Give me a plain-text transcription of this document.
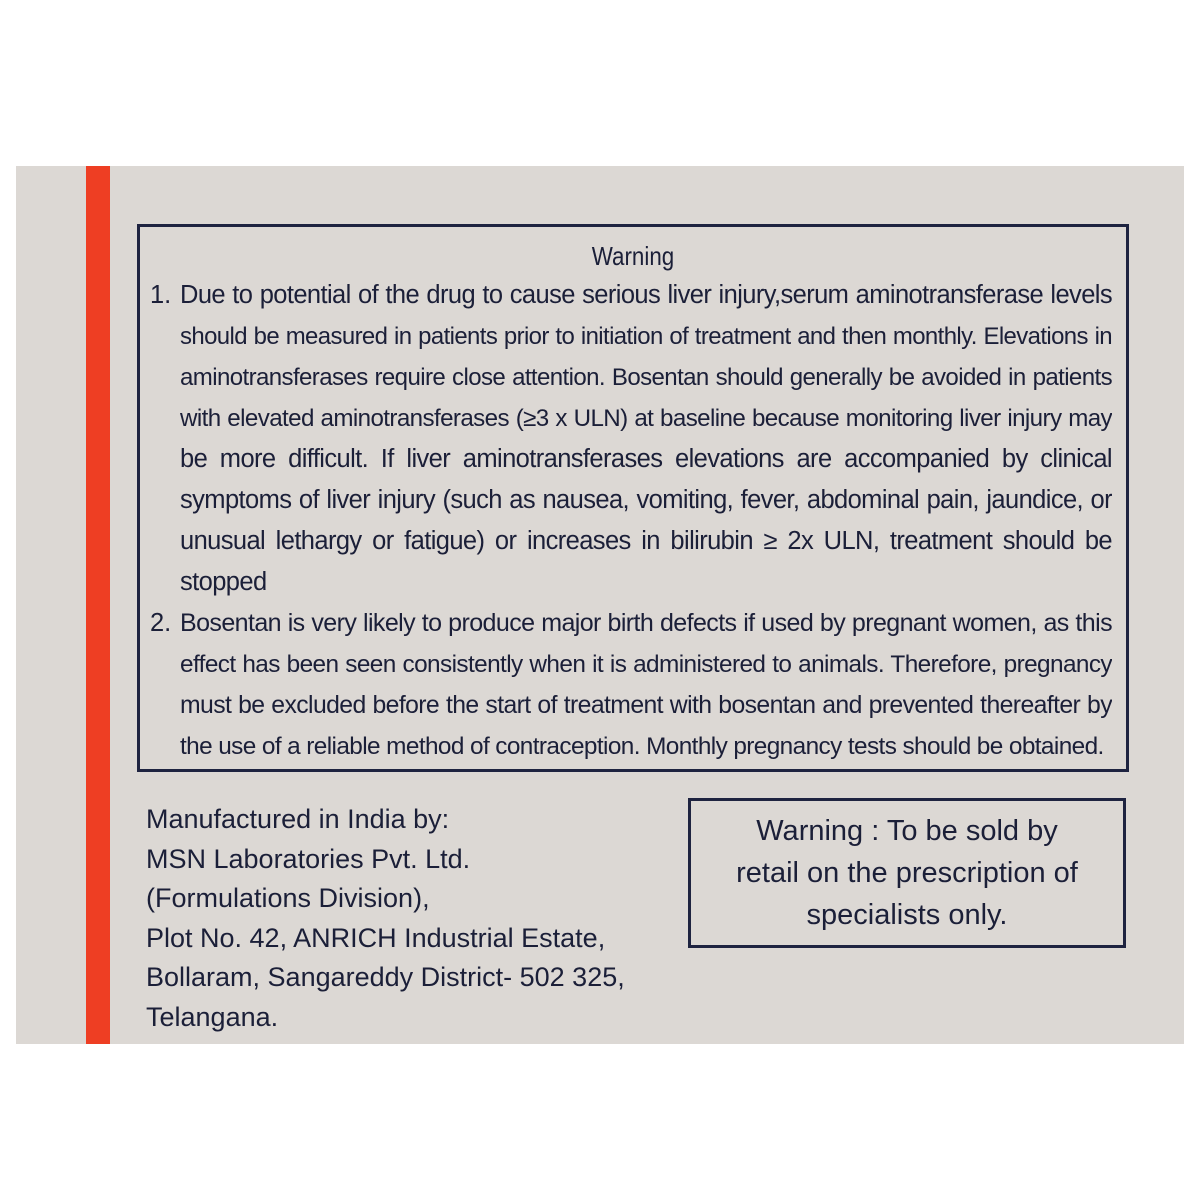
Warning
1. Due to potential of the drug to cause serious liver injury,serum aminotransferase levels
should be measured in patients prior to initiation of treatment and then monthly. Elevations in
aminotransferases require close attention. Bosentan should generally be avoided in patients
with elevated aminotransferases (≥3 x ULN) at baseline because monitoring liver injury may
be more difficult. If liver aminotransferases elevations are accompanied by clinical
symptoms of liver injury (such as nausea, vomiting, fever, abdominal pain, jaundice, or
unusual lethargy or fatigue) or increases in bilirubin ≥ 2x ULN, treatment should be
stopped
2. Bosentan is very likely to produce major birth defects if used by pregnant women, as this
effect has been seen consistently when it is administered to animals. Therefore, pregnancy
must be excluded before the start of treatment with bosentan and prevented thereafter by
the use of a reliable method of contraception. Monthly pregnancy tests should be obtained.
Manufactured in India by:
MSN Laboratories Pvt. Ltd.
(Formulations Division),
Plot No. 42, ANRICH Industrial Estate,
Bollaram, Sangareddy District- 502 325,
Telangana.
Warning : To be sold by
retail on the prescription of
specialists only.
